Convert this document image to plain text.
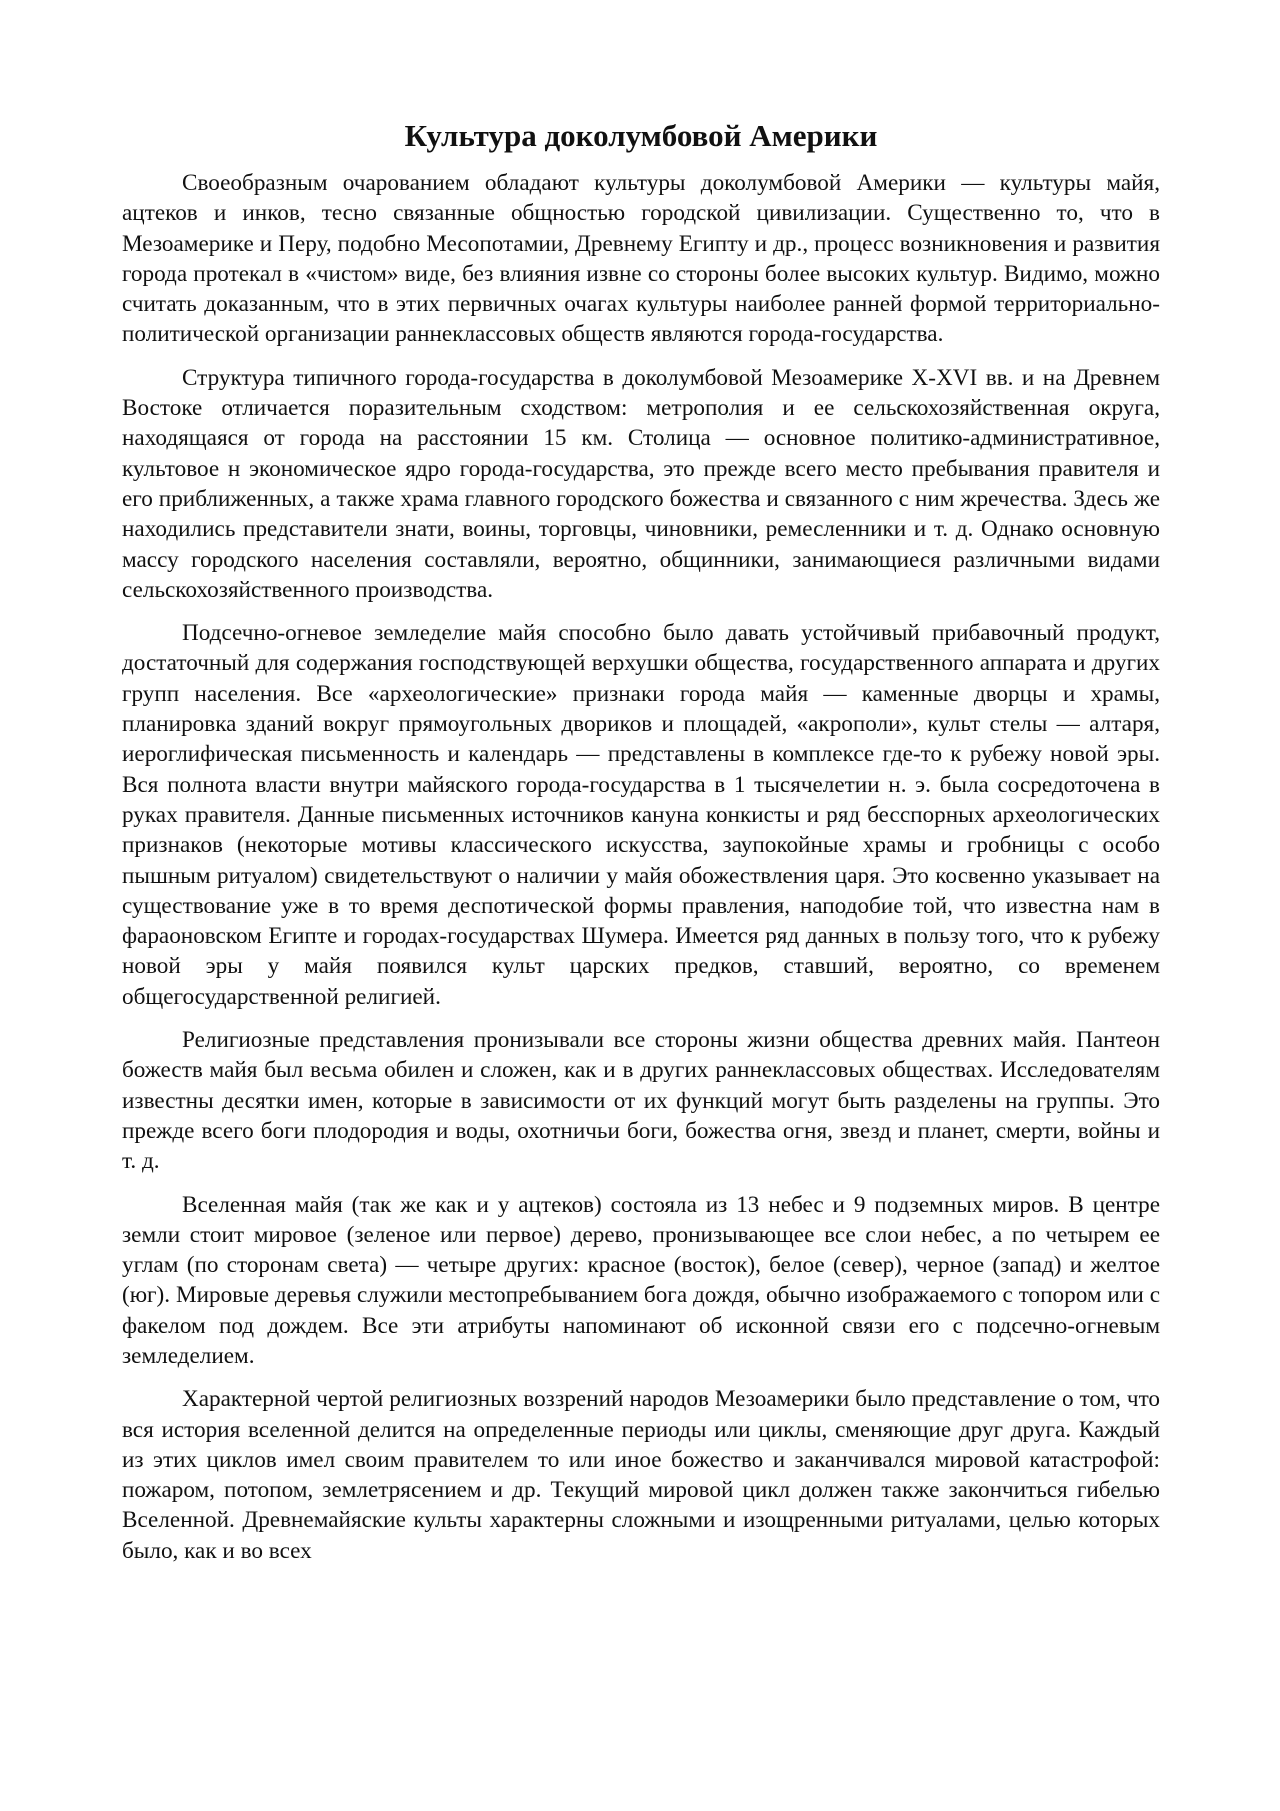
Культура доколумбовой Америки

Своеобразным очарованием обладают культуры доколумбовой Америки — культуры майя, ацтеков и инков, тесно связанные общностью городской цивилизации. Существенно то, что в Мезоамерике и Перу, подобно Месопотамии, Древнему Египту и др., процесс возникновения и развития города протекал в «чистом» виде, без влияния извне со стороны более высоких культур. Видимо, можно считать доказанным, что в этих первичных очагах культуры наиболее ранней формой территориально-политической организации раннеклассовых обществ являются города-государства.

Структура типичного города-государства в доколумбовой Мезоамерике X-XVI вв. и на Древнем Востоке отличается поразительным сходством: метрополия и ее сельскохозяйственная округа, находящаяся от города на расстоянии 15 км. Столица — основное политико-административное, культовое н экономическое ядро города-государства, это прежде всего место пребывания правителя и его приближенных, а также храма главного городского божества и связанного с ним жречества. Здесь же находились представители знати, воины, торговцы, чиновники, ремесленники и т. д. Однако основную массу городского населения составляли, вероятно, общинники, занимающиеся различными видами сельскохозяйственного производства.

Подсечно-огневое земледелие майя способно было давать устойчивый прибавочный продукт, достаточный для содержания господствующей верхушки общества, государственного аппарата и других групп населения. Все «археологические» признаки города майя — каменные дворцы и храмы, планировка зданий вокруг прямоугольных двориков и площадей, «акрополи», культ стелы — алтаря, иероглифическая письменность и календарь — представлены в комплексе где-то к рубежу новой эры. Вся полнота власти внутри майяского города-государства в 1 тысячелетии н. э. была сосредоточена в руках правителя. Данные письменных источников кануна конкисты и ряд бесспорных археологических признаков (некоторые мотивы классического искусства, заупокойные храмы и гробницы с особо пышным ритуалом) свидетельствуют о наличии у майя обожествления царя. Это косвенно указывает на существование уже в то время деспотической формы правления, наподобие той, что известна нам в фараоновском Египте и городах-государствах Шумера. Имеется ряд данных в пользу того, что к рубежу новой эры у майя появился культ царских предков, ставший, вероятно, со временем общегосударственной религией.

Религиозные представления пронизывали все стороны жизни общества древних майя. Пантеон божеств майя был весьма обилен и сложен, как и в других раннеклассовых обществах. Исследователям известны десятки имен, которые в зависимости от их функций могут быть разделены на группы. Это прежде всего боги плодородия и воды, охотничьи боги, божества огня, звезд и планет, смерти, войны и т. д.

Вселенная майя (так же как и у ацтеков) состояла из 13 небес и 9 подземных миров. В центре земли стоит мировое (зеленое или первое) дерево, пронизывающее все слои небес, а по четырем ее углам (по сторонам света) — четыре других: красное (восток), белое (север), черное (запад) и желтое (юг). Мировые деревья служили местопребыванием бога дождя, обычно изображаемого с топором или с факелом под дождем. Все эти атрибуты напоминают об исконной связи его с подсечно-огневым земледелием.

Характерной чертой религиозных воззрений народов Мезоамерики было представление о том, что вся история вселенной делится на определенные периоды или циклы, сменяющие друг друга. Каждый из этих циклов имел своим правителем то или иное божество и заканчивался мировой катастрофой: пожаром, потопом, землетрясением и др. Текущий мировой цикл должен также закончиться гибелью Вселенной. Древнемайяские культы характерны сложными и изощренными ритуалами, целью которых было, как и во всех
